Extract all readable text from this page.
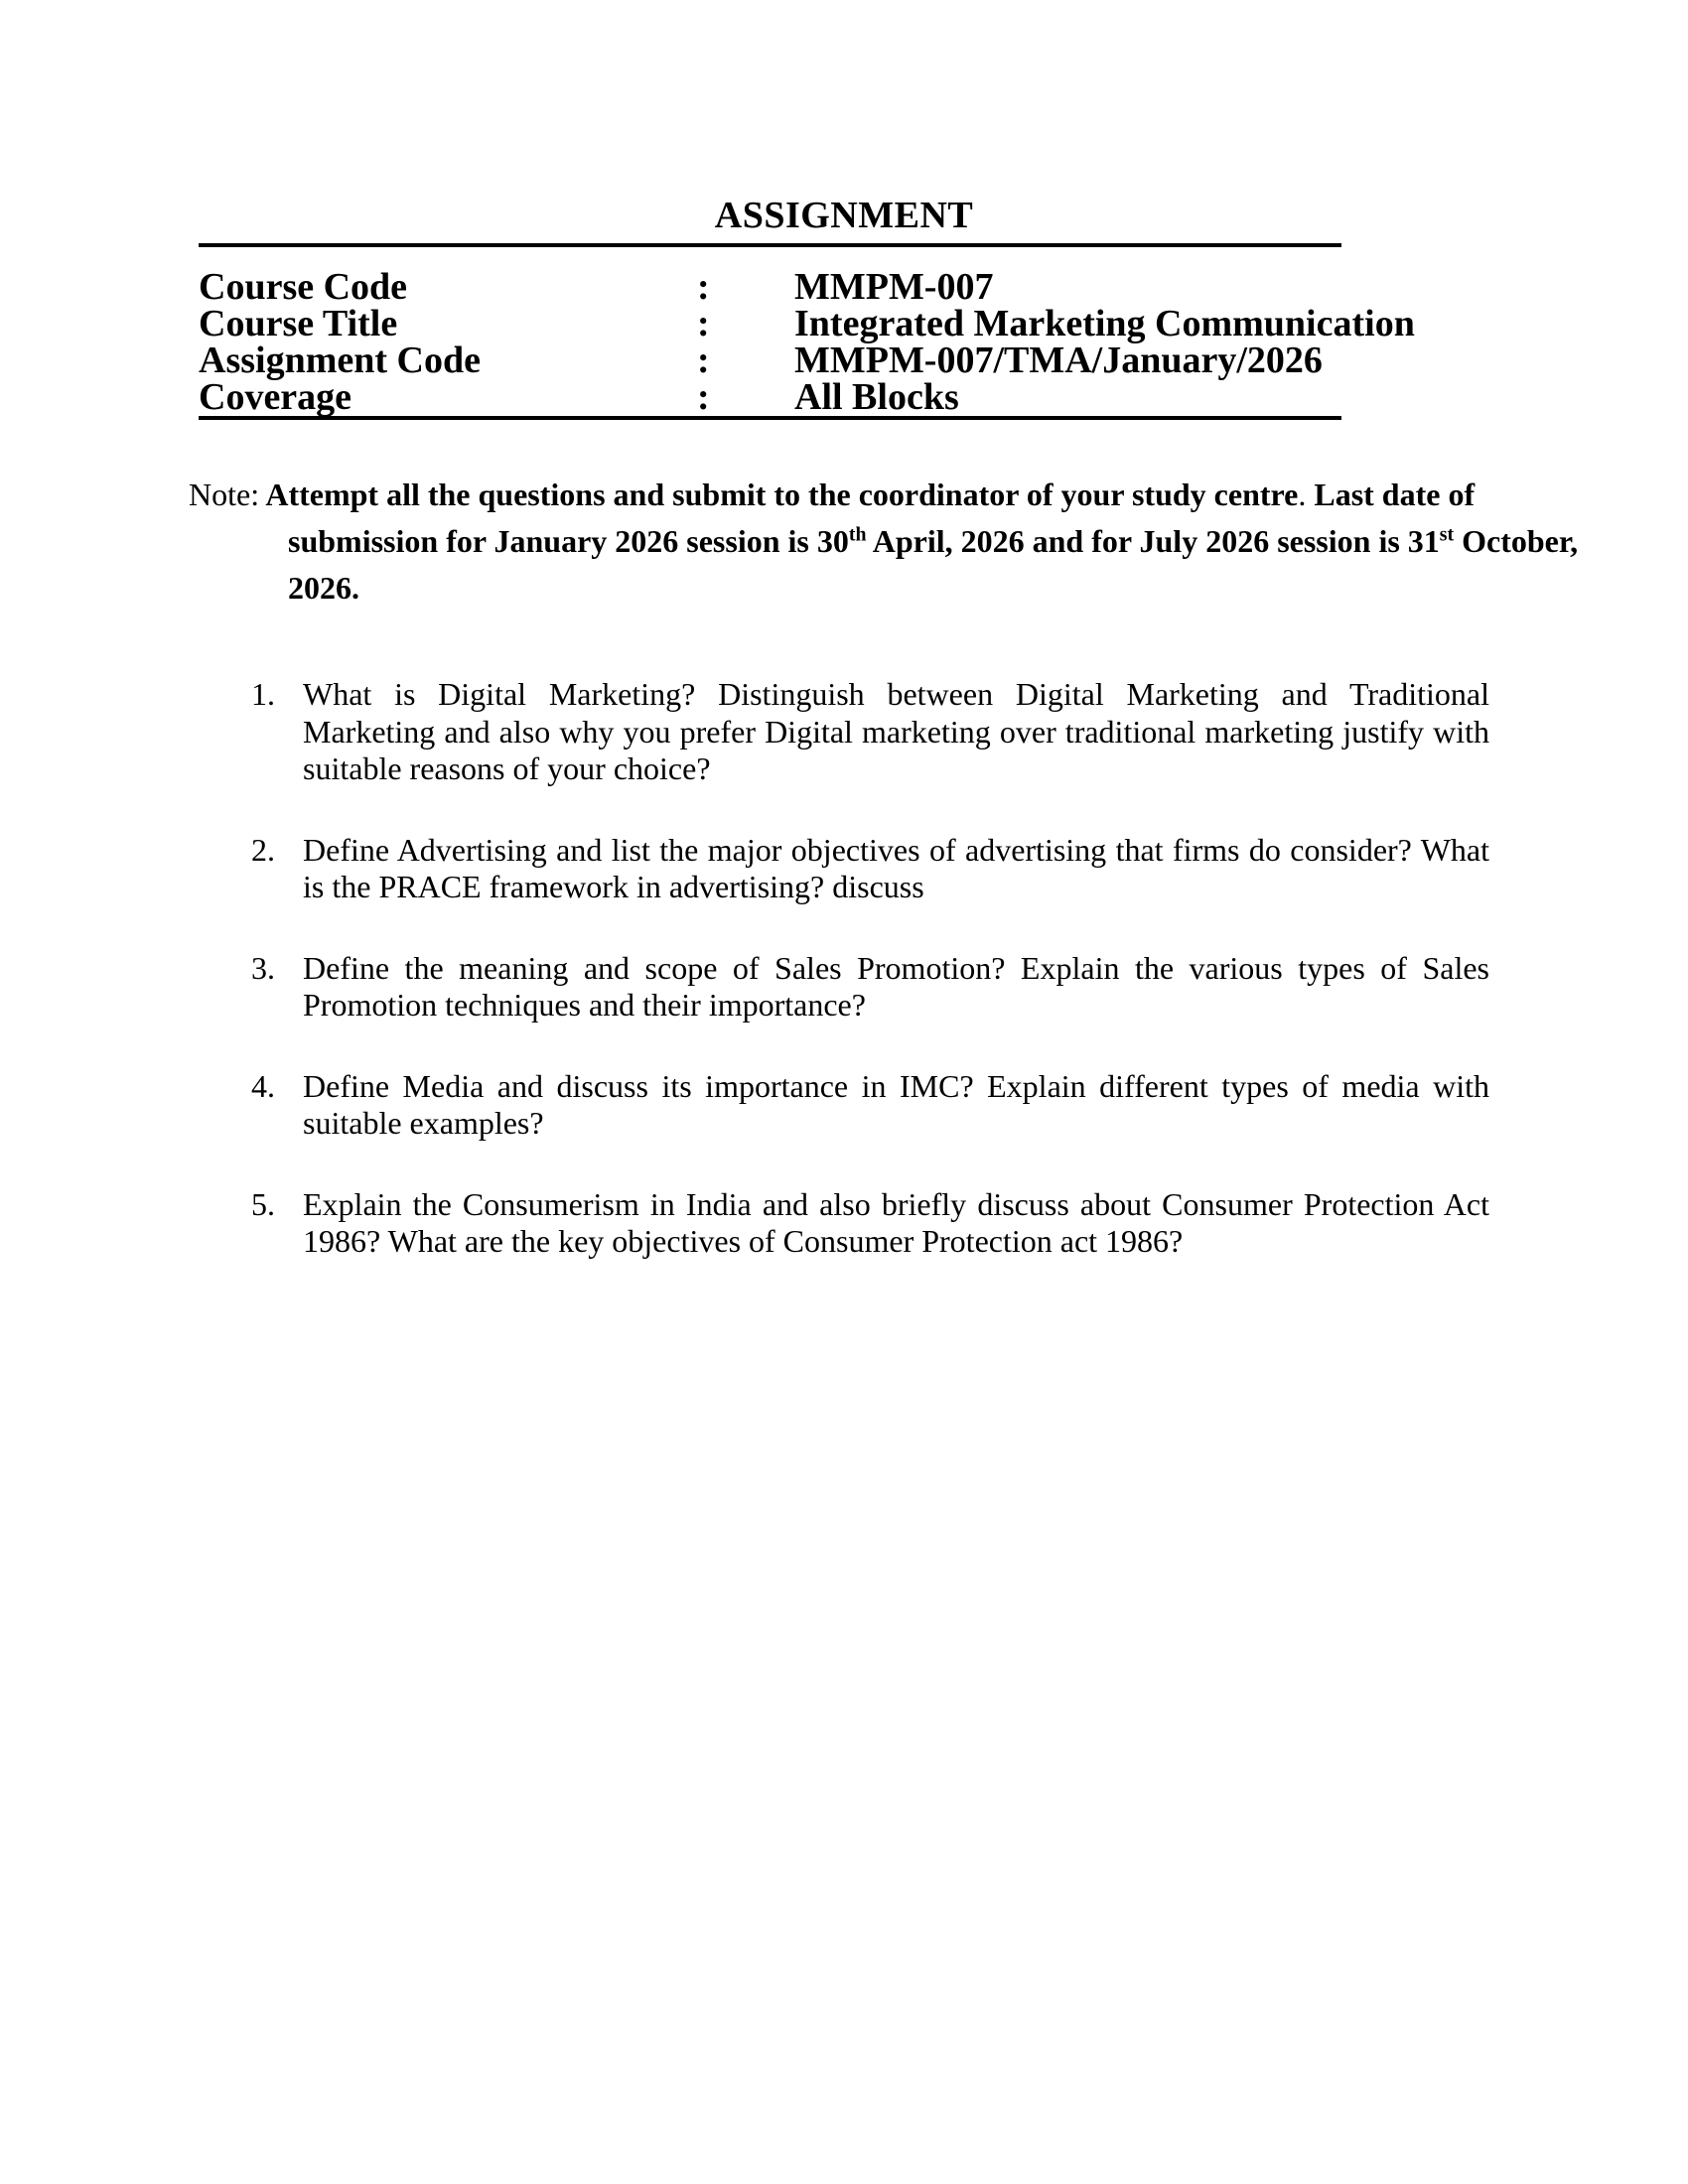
ASSIGNMENT
Course Code	:	MMPM-007
Course Title	:	Integrated Marketing Communication
Assignment Code	:	MMPM-007/TMA/January/2026
Coverage	:	All Blocks

Note: Attempt all the questions and submit to the coordinator of your study centre. Last date of submission for January 2026 session is 30th April, 2026 and for July 2026 session is 31st October, 2026.

1. What is Digital Marketing? Distinguish between Digital Marketing and Traditional Marketing and also why you prefer Digital marketing over traditional marketing justify with suitable reasons of your choice?
2. Define Advertising and list the major objectives of advertising that firms do consider? What is the PRACE framework in advertising? discuss
3. Define the meaning and scope of Sales Promotion? Explain the various types of Sales Promotion techniques and their importance?
4. Define Media and discuss its importance in IMC? Explain different types of media with suitable examples?
5. Explain the Consumerism in India and also briefly discuss about Consumer Protection Act 1986? What are the key objectives of Consumer Protection act 1986?
